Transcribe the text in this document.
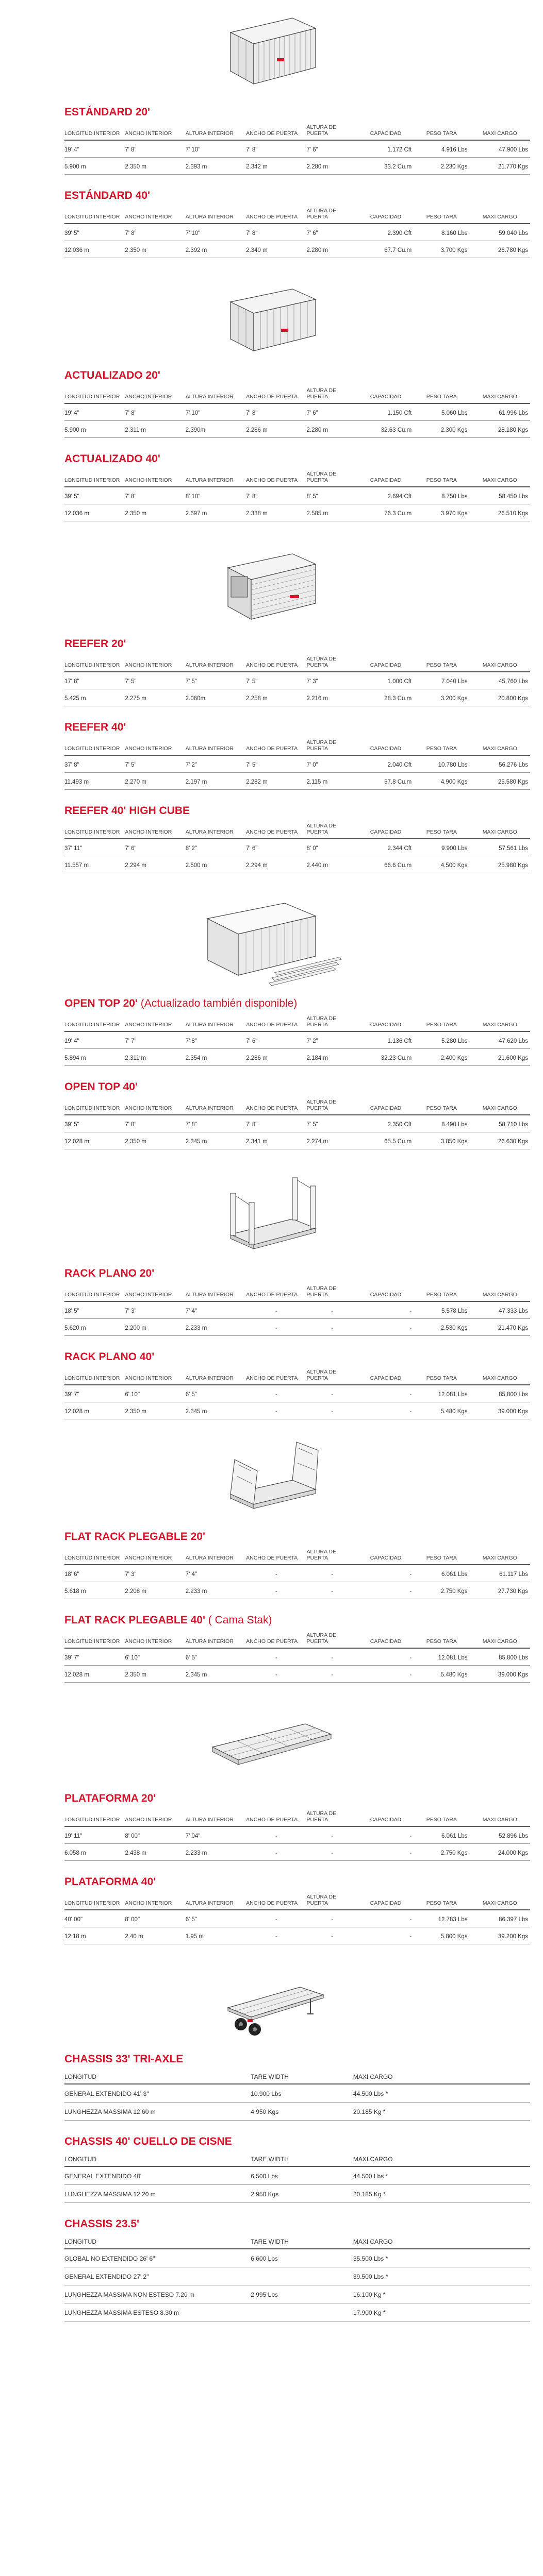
ESTÁNDARD 20'
LONGITUD INTERIOR	ANCHO INTERIOR	ALTURA INTERIOR	ANCHO DE PUERTA	ALTURA DE PUERTA	CAPACIDAD	PESO TARA	MAXI CARGO
19' 4"	7' 8"	7' 10"	7' 8"	7' 6"	1.172 Cft	4.916 Lbs	47.900 Lbs
5.900 m	2.350 m	2.393 m	2.342 m	2.280 m	33.2 Cu.m	2.230 Kgs	21.770 Kgs
ESTÁNDARD 40'
LONGITUD INTERIOR	ANCHO INTERIOR	ALTURA INTERIOR	ANCHO DE PUERTA	ALTURA DE PUERTA	CAPACIDAD	PESO TARA	MAXI CARGO
39' 5"	7' 8"	7' 10"	7' 8"	7' 6"	2.390 Cft	8.160 Lbs	59.040 Lbs
12.036 m	2.350 m	2.392 m	2.340 m	2.280 m	67.7 Cu.m	3.700 Kgs	26.780 Kgs
ACTUALIZADO 20'
LONGITUD INTERIOR	ANCHO INTERIOR	ALTURA INTERIOR	ANCHO DE PUERTA	ALTURA DE PUERTA	CAPACIDAD	PESO TARA	MAXI CARGO
19' 4"	7' 8"	7' 10"	7' 8"	7' 6"	1.150 Cft	5.060 Lbs	61.996 Lbs
5.900 m	2.311 m	2.390m	2.286 m	2.280 m	32.63 Cu.m	2.300 Kgs	28.180 Kgs
ACTUALIZADO 40'
LONGITUD INTERIOR	ANCHO INTERIOR	ALTURA INTERIOR	ANCHO DE PUERTA	ALTURA DE PUERTA	CAPACIDAD	PESO TARA	MAXI CARGO
39' 5"	7' 8"	8' 10"	7' 8"	8' 5"	2.694 Cft	8.750 Lbs	58.450 Lbs
12.036 m	2.350 m	2.697 m	2.338 m	2.585 m	76.3 Cu.m	3.970 Kgs	26.510 Kgs
REEFER 20'
LONGITUD INTERIOR	ANCHO INTERIOR	ALTURA INTERIOR	ANCHO DE PUERTA	ALTURA DE PUERTA	CAPACIDAD	PESO TARA	MAXI CARGO
17' 8"	7' 5"	7' 5"	7' 5"	7' 3"	1.000 Cft	7.040 Lbs	45.760 Lbs
5.425 m	2.275 m	2.060m	2.258 m	2.216 m	28.3 Cu.m	3.200 Kgs	20.800 Kgs
REEFER 40'
LONGITUD INTERIOR	ANCHO INTERIOR	ALTURA INTERIOR	ANCHO DE PUERTA	ALTURA DE PUERTA	CAPACIDAD	PESO TARA	MAXI CARGO
37' 8"	7' 5"	7' 2"	7' 5"	7' 0"	2.040 Cft	10.780 Lbs	56.276 Lbs
11.493 m	2.270 m	2.197 m	2.282 m	2.115 m	57.8 Cu.m	4.900 Kgs	25.580 Kgs
REEFER 40' HIGH CUBE
LONGITUD INTERIOR	ANCHO INTERIOR	ALTURA INTERIOR	ANCHO DE PUERTA	ALTURA DE PUERTA	CAPACIDAD	PESO TARA	MAXI CARGO
37' 11"	7' 6"	8' 2"	7' 6"	8' 0"	2.344 Cft	9.900 Lbs	57.561 Lbs
11.557 m	2.294 m	2.500 m	2.294 m	2.440 m	66.6 Cu.m	4.500 Kgs	25.980 Kgs
OPEN TOP 20' (Actualizado también disponible)
LONGITUD INTERIOR	ANCHO INTERIOR	ALTURA INTERIOR	ANCHO DE PUERTA	ALTURA DE PUERTA	CAPACIDAD	PESO TARA	MAXI CARGO
19' 4"	7' 7"	7' 8"	7' 6"	7' 2"	1.136 Cft	5.280 Lbs	47.620 Lbs
5.894 m	2.311 m	2.354 m	2.286 m	2.184 m	32.23 Cu.m	2.400 Kgs	21.600 Kgs
OPEN TOP 40'
LONGITUD INTERIOR	ANCHO INTERIOR	ALTURA INTERIOR	ANCHO DE PUERTA	ALTURA DE PUERTA	CAPACIDAD	PESO TARA	MAXI CARGO
39' 5"	7' 8"	7' 8"	7' 8"	7' 5"	2.350 Cft	8.490 Lbs	58.710 Lbs
12.028 m	2.350 m	2.345 m	2.341 m	2.274 m	65.5 Cu.m	3.850 Kgs	26.630 Kgs
RACK PLANO 20'
LONGITUD INTERIOR	ANCHO INTERIOR	ALTURA INTERIOR	ANCHO DE PUERTA	ALTURA DE PUERTA	CAPACIDAD	PESO TARA	MAXI CARGO
18' 5"	7' 3"	7' 4"	-	-	-	5.578 Lbs	47.333 Lbs
5.620 m	2.200 m	2.233 m	-	-	-	2.530 Kgs	21.470 Kgs
RACK PLANO 40'
LONGITUD INTERIOR	ANCHO INTERIOR	ALTURA INTERIOR	ANCHO DE PUERTA	ALTURA DE PUERTA	CAPACIDAD	PESO TARA	MAXI CARGO
39' 7"	6' 10"	6' 5"	-	-	-	12.081 Lbs	85.800 Lbs
12.028 m	2.350 m	2.345 m	-	-	-	5.480 Kgs	39.000 Kgs
FLAT RACK PLEGABLE 20'
LONGITUD INTERIOR	ANCHO INTERIOR	ALTURA INTERIOR	ANCHO DE PUERTA	ALTURA DE PUERTA	CAPACIDAD	PESO TARA	MAXI CARGO
18' 6"	7' 3"	7' 4"	-	-	-	6.061 Lbs	61.117 Lbs
5.618 m	2.208 m	2.233 m	-	-	-	2.750 Kgs	27.730 Kgs
FLAT RACK PLEGABLE 40' ( Cama Stak)
LONGITUD INTERIOR	ANCHO INTERIOR	ALTURA INTERIOR	ANCHO DE PUERTA	ALTURA DE PUERTA	CAPACIDAD	PESO TARA	MAXI CARGO
39' 7"	6' 10"	6' 5"	-	-	-	12.081 Lbs	85.800 Lbs
12.028 m	2.350 m	2.345 m	-	-	-	5.480 Kgs	39.000 Kgs
PLATAFORMA 20'
LONGITUD INTERIOR	ANCHO INTERIOR	ALTURA INTERIOR	ANCHO DE PUERTA	ALTURA DE PUERTA	CAPACIDAD	PESO TARA	MAXI CARGO
19' 11"	8' 00"	7' 04"	-	-	-	6.061 Lbs	52.896 Lbs
6.058 m	2.438 m	2.233 m	-	-	-	2.750 Kgs	24.000 Kgs
PLATAFORMA 40'
LONGITUD INTERIOR	ANCHO INTERIOR	ALTURA INTERIOR	ANCHO DE PUERTA	ALTURA DE PUERTA	CAPACIDAD	PESO TARA	MAXI CARGO
40' 00"	8' 00"	6' 5"	-	-	-	12.783 Lbs	86.397 Lbs
12.18 m	2.40 m	1.95 m	-	-	-	5.800 Kgs	39.200 Kgs
CHASSIS 33' TRI-AXLE
LONGITUD	TARE WIDTH	MAXI CARGO
GENERAL EXTENDIDO 41' 3"	10.900 Lbs	44.500 Lbs *
LUNGHEZZA MASSIMA 12.60 m	4.950 Kgs	20.185 Kg *
CHASSIS 40' CUELLO DE CISNE
LONGITUD	TARE WIDTH	MAXI CARGO
GENERAL EXTENDIDO 40'	6.500 Lbs	44.500 Lbs *
LUNGHEZZA MASSIMA 12.20 m	2.950 Kgs	20.185 Kg *
CHASSIS 23.5'
LONGITUD	TARE WIDTH	MAXI CARGO
GLOBAL NO EXTENDIDO 26' 6"	6.600 Lbs	35.500 Lbs *
GENERAL EXTENDIDO 27' 2"		39.500 Lbs *
LUNGHEZZA MASSIMA NON ESTESO 7.20 m	2.995 Lbs	16.100 Kg *
LUNGHEZZA MASSIMA ESTESO 8.30 m		17.900 Kg *
